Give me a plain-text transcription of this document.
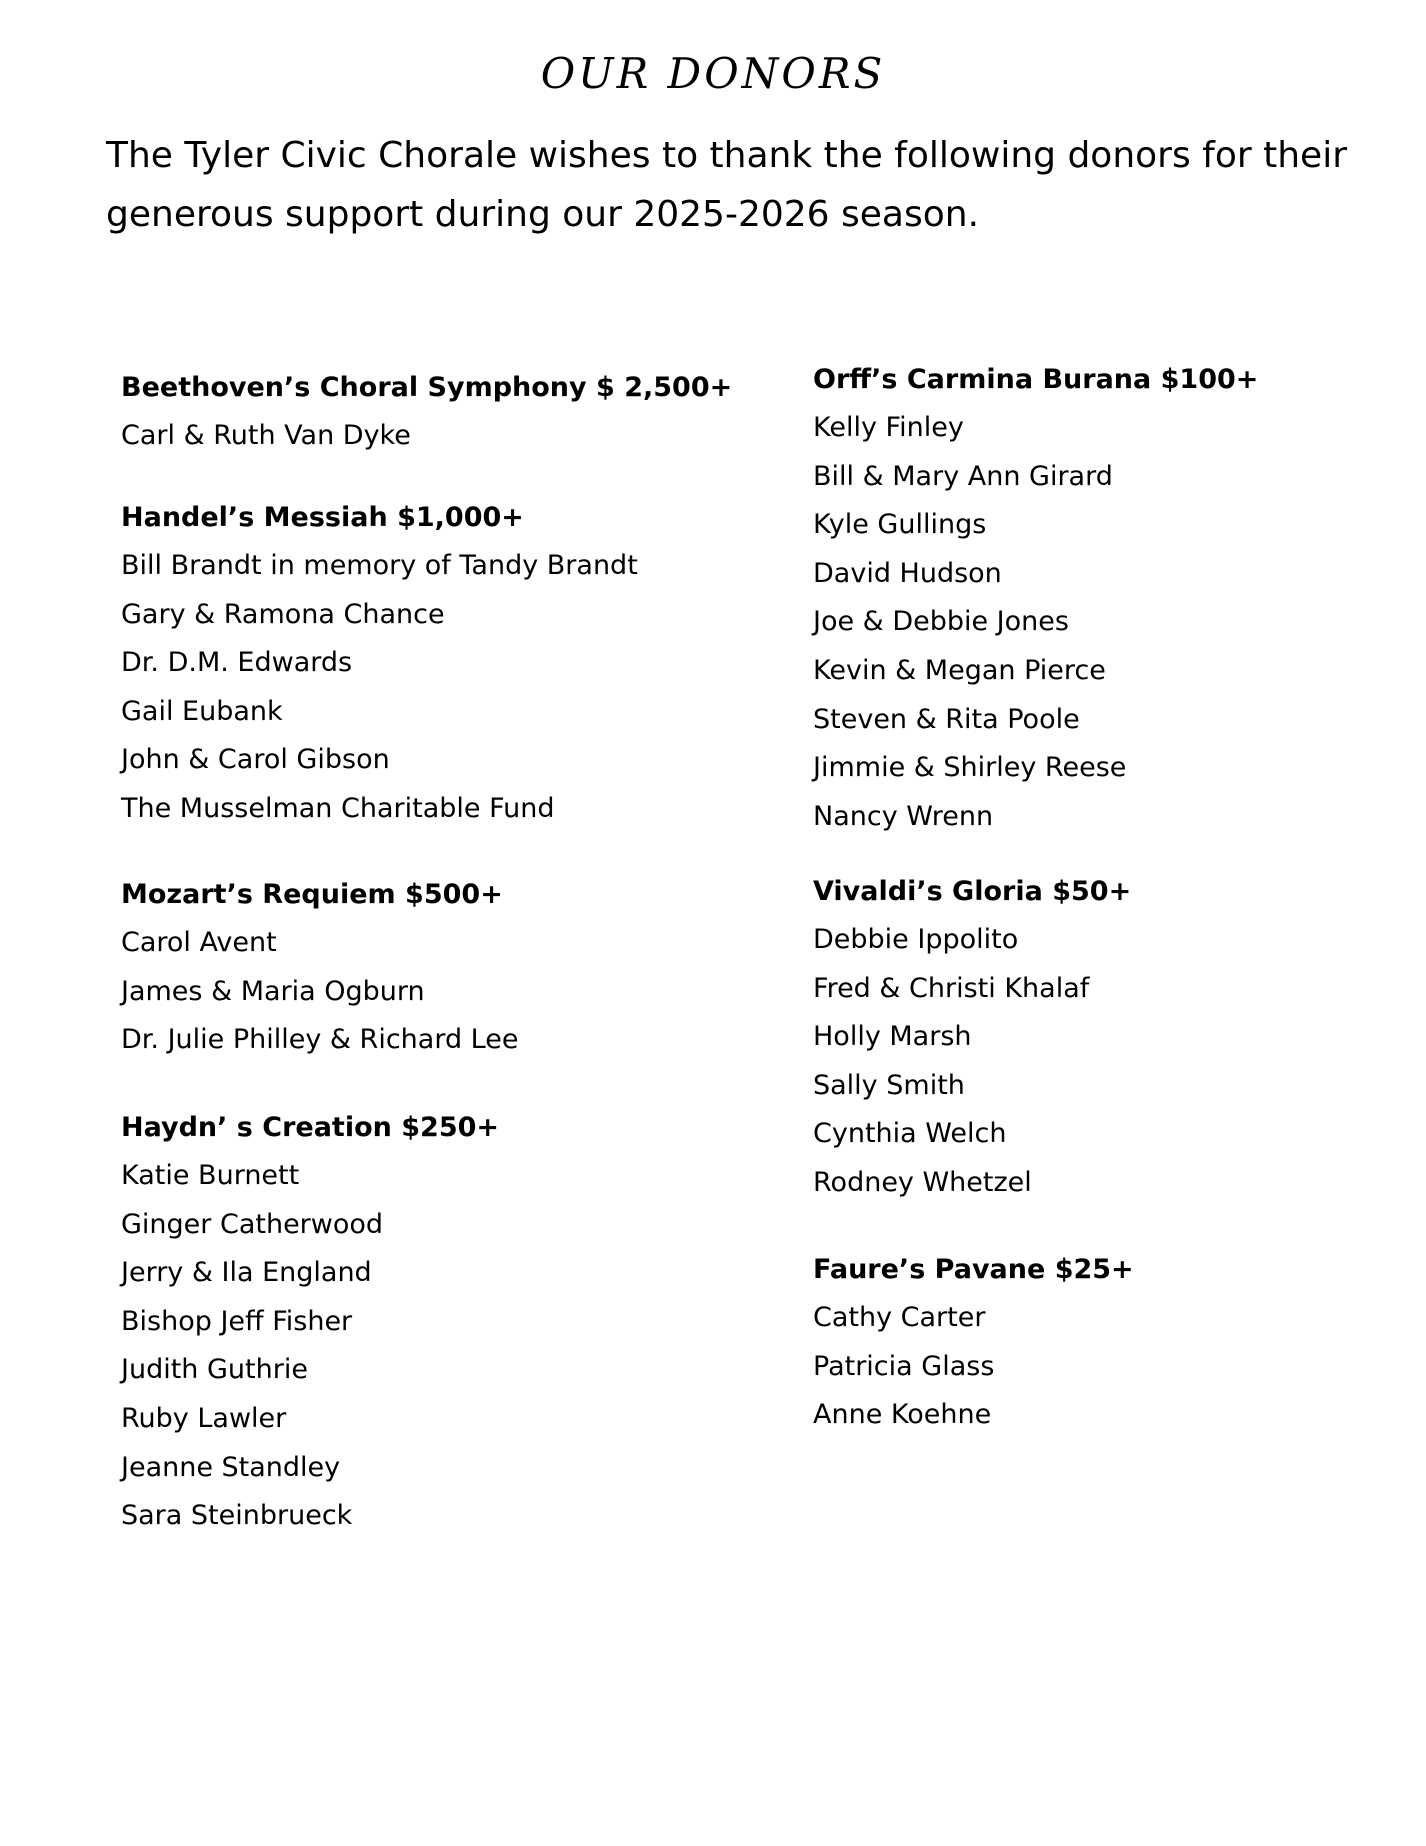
OUR DONORS

The Tyler Civic Chorale wishes to thank the following donors for their generous support during our 2025-2026 season.

Beethoven’s Choral Symphony $ 2,500+
Carl & Ruth Van Dyke
Handel’s Messiah $1,000+
Bill Brandt in memory of Tandy Brandt
Gary & Ramona Chance
Dr. D.M. Edwards
Gail Eubank
John & Carol Gibson
The Musselman Charitable Fund
Mozart’s Requiem $500+
Carol Avent
James & Maria Ogburn
Dr. Julie Philley & Richard Lee
Haydn’ s Creation $250+
Katie Burnett
Ginger Catherwood
Jerry & Ila England
Bishop Jeff Fisher
Judith Guthrie
Ruby Lawler
Jeanne Standley
Sara Steinbrueck
Orff’s Carmina Burana $100+
Kelly Finley
Bill & Mary Ann Girard
Kyle Gullings
David Hudson
Joe & Debbie Jones
Kevin & Megan Pierce
Steven & Rita Poole
Jimmie & Shirley Reese
Nancy Wrenn
Vivaldi’s Gloria $50+
Debbie Ippolito
Fred & Christi Khalaf
Holly Marsh
Sally Smith
Cynthia Welch
Rodney Whetzel
Faure’s Pavane $25+
Cathy Carter
Patricia Glass
Anne Koehne
